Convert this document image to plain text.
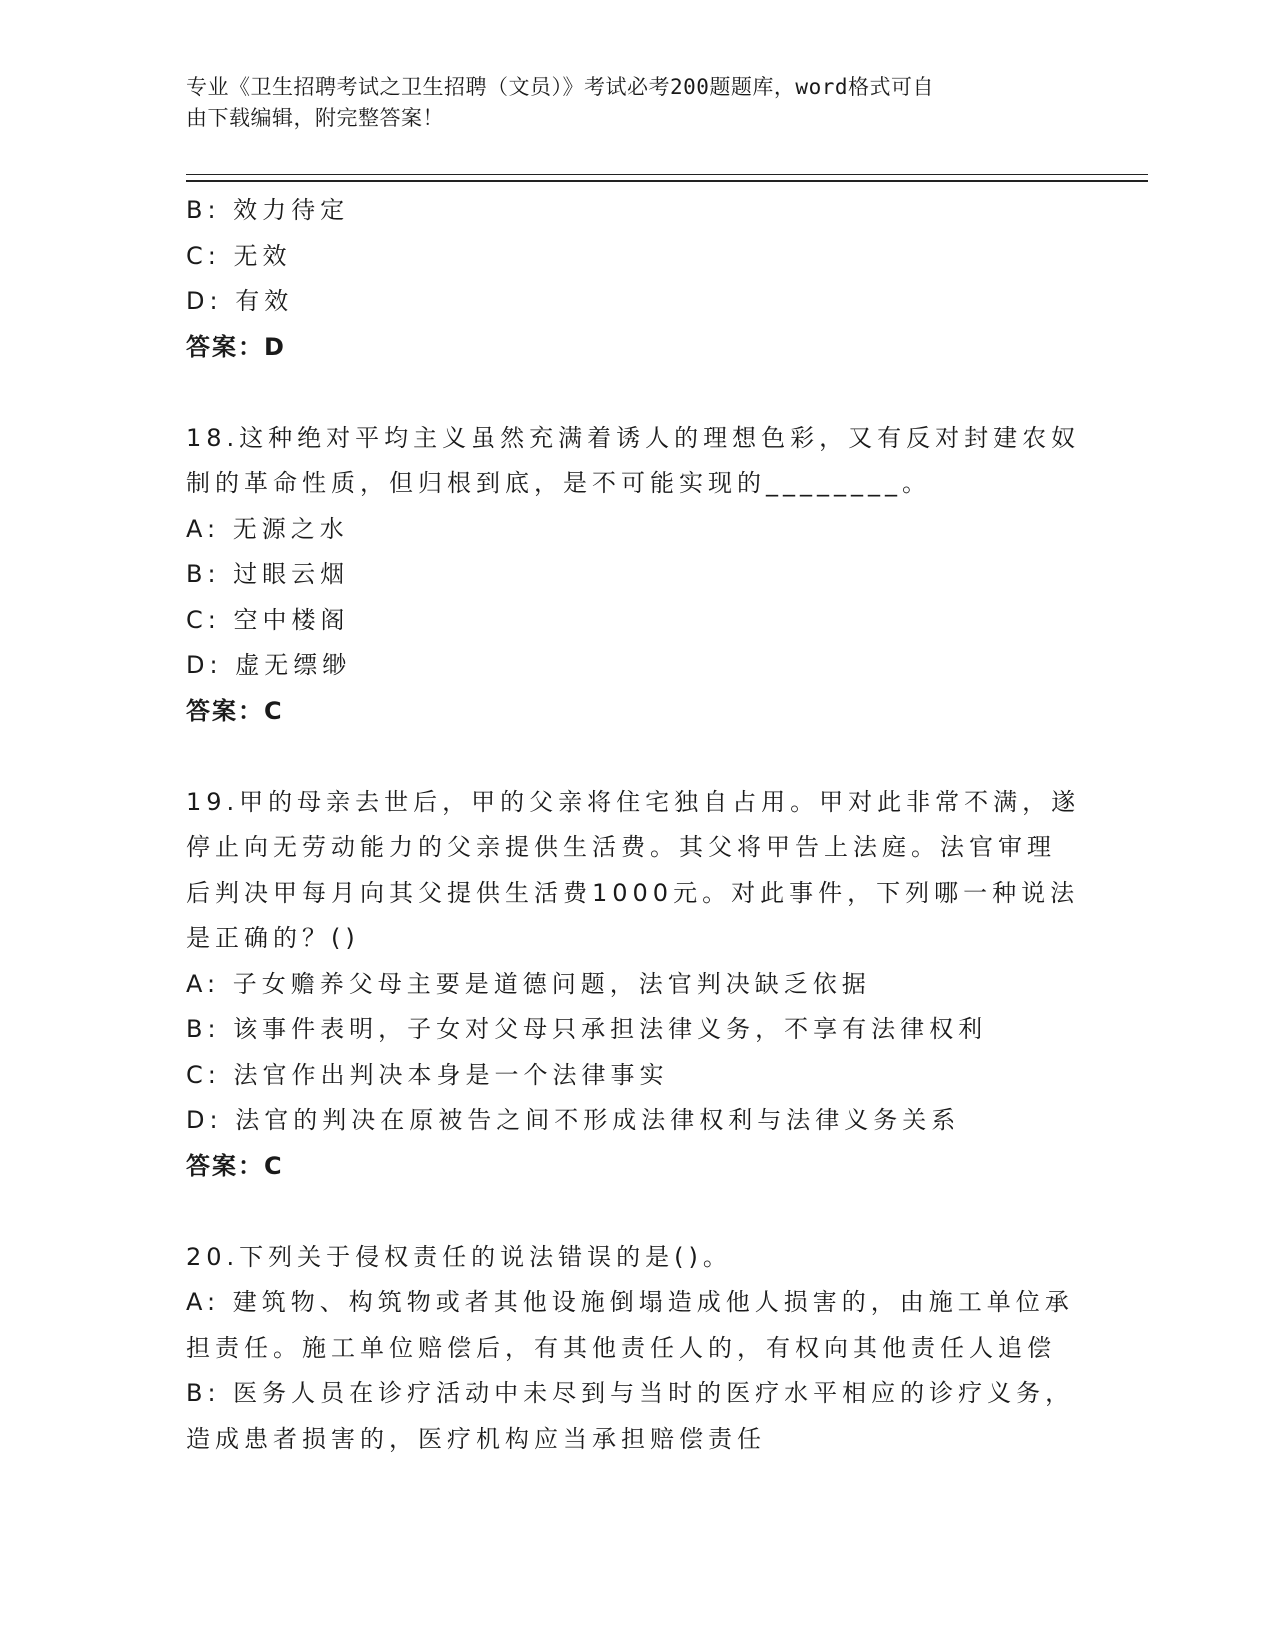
专业《卫生招聘考试之卫生招聘（文员）》考试必考200题题库，word格式可自
由下载编辑，附完整答案！
B: 效力待定
C: 无效
D: 有效
答案：D
18.这种绝对平均主义虽然充满着诱人的理想色彩，又有反对封建农奴
制的革命性质，但归根到底，是不可能实现的________。
A: 无源之水
B: 过眼云烟
C: 空中楼阁
D: 虚无缥缈
答案：C
19.甲的母亲去世后，甲的父亲将住宅独自占用。甲对此非常不满，遂
停止向无劳动能力的父亲提供生活费。其父将甲告上法庭。法官审理
后判决甲每月向其父提供生活费1000元。对此事件，下列哪一种说法
是正确的？()
A: 子女赡养父母主要是道德问题，法官判决缺乏依据
B: 该事件表明，子女对父母只承担法律义务，不享有法律权利
C: 法官作出判决本身是一个法律事实
D: 法官的判决在原被告之间不形成法律权利与法律义务关系
答案：C
20.下列关于侵权责任的说法错误的是()。
A: 建筑物、构筑物或者其他设施倒塌造成他人损害的，由施工单位承
担责任。施工单位赔偿后，有其他责任人的，有权向其他责任人追偿
B: 医务人员在诊疗活动中未尽到与当时的医疗水平相应的诊疗义务，
造成患者损害的，医疗机构应当承担赔偿责任
